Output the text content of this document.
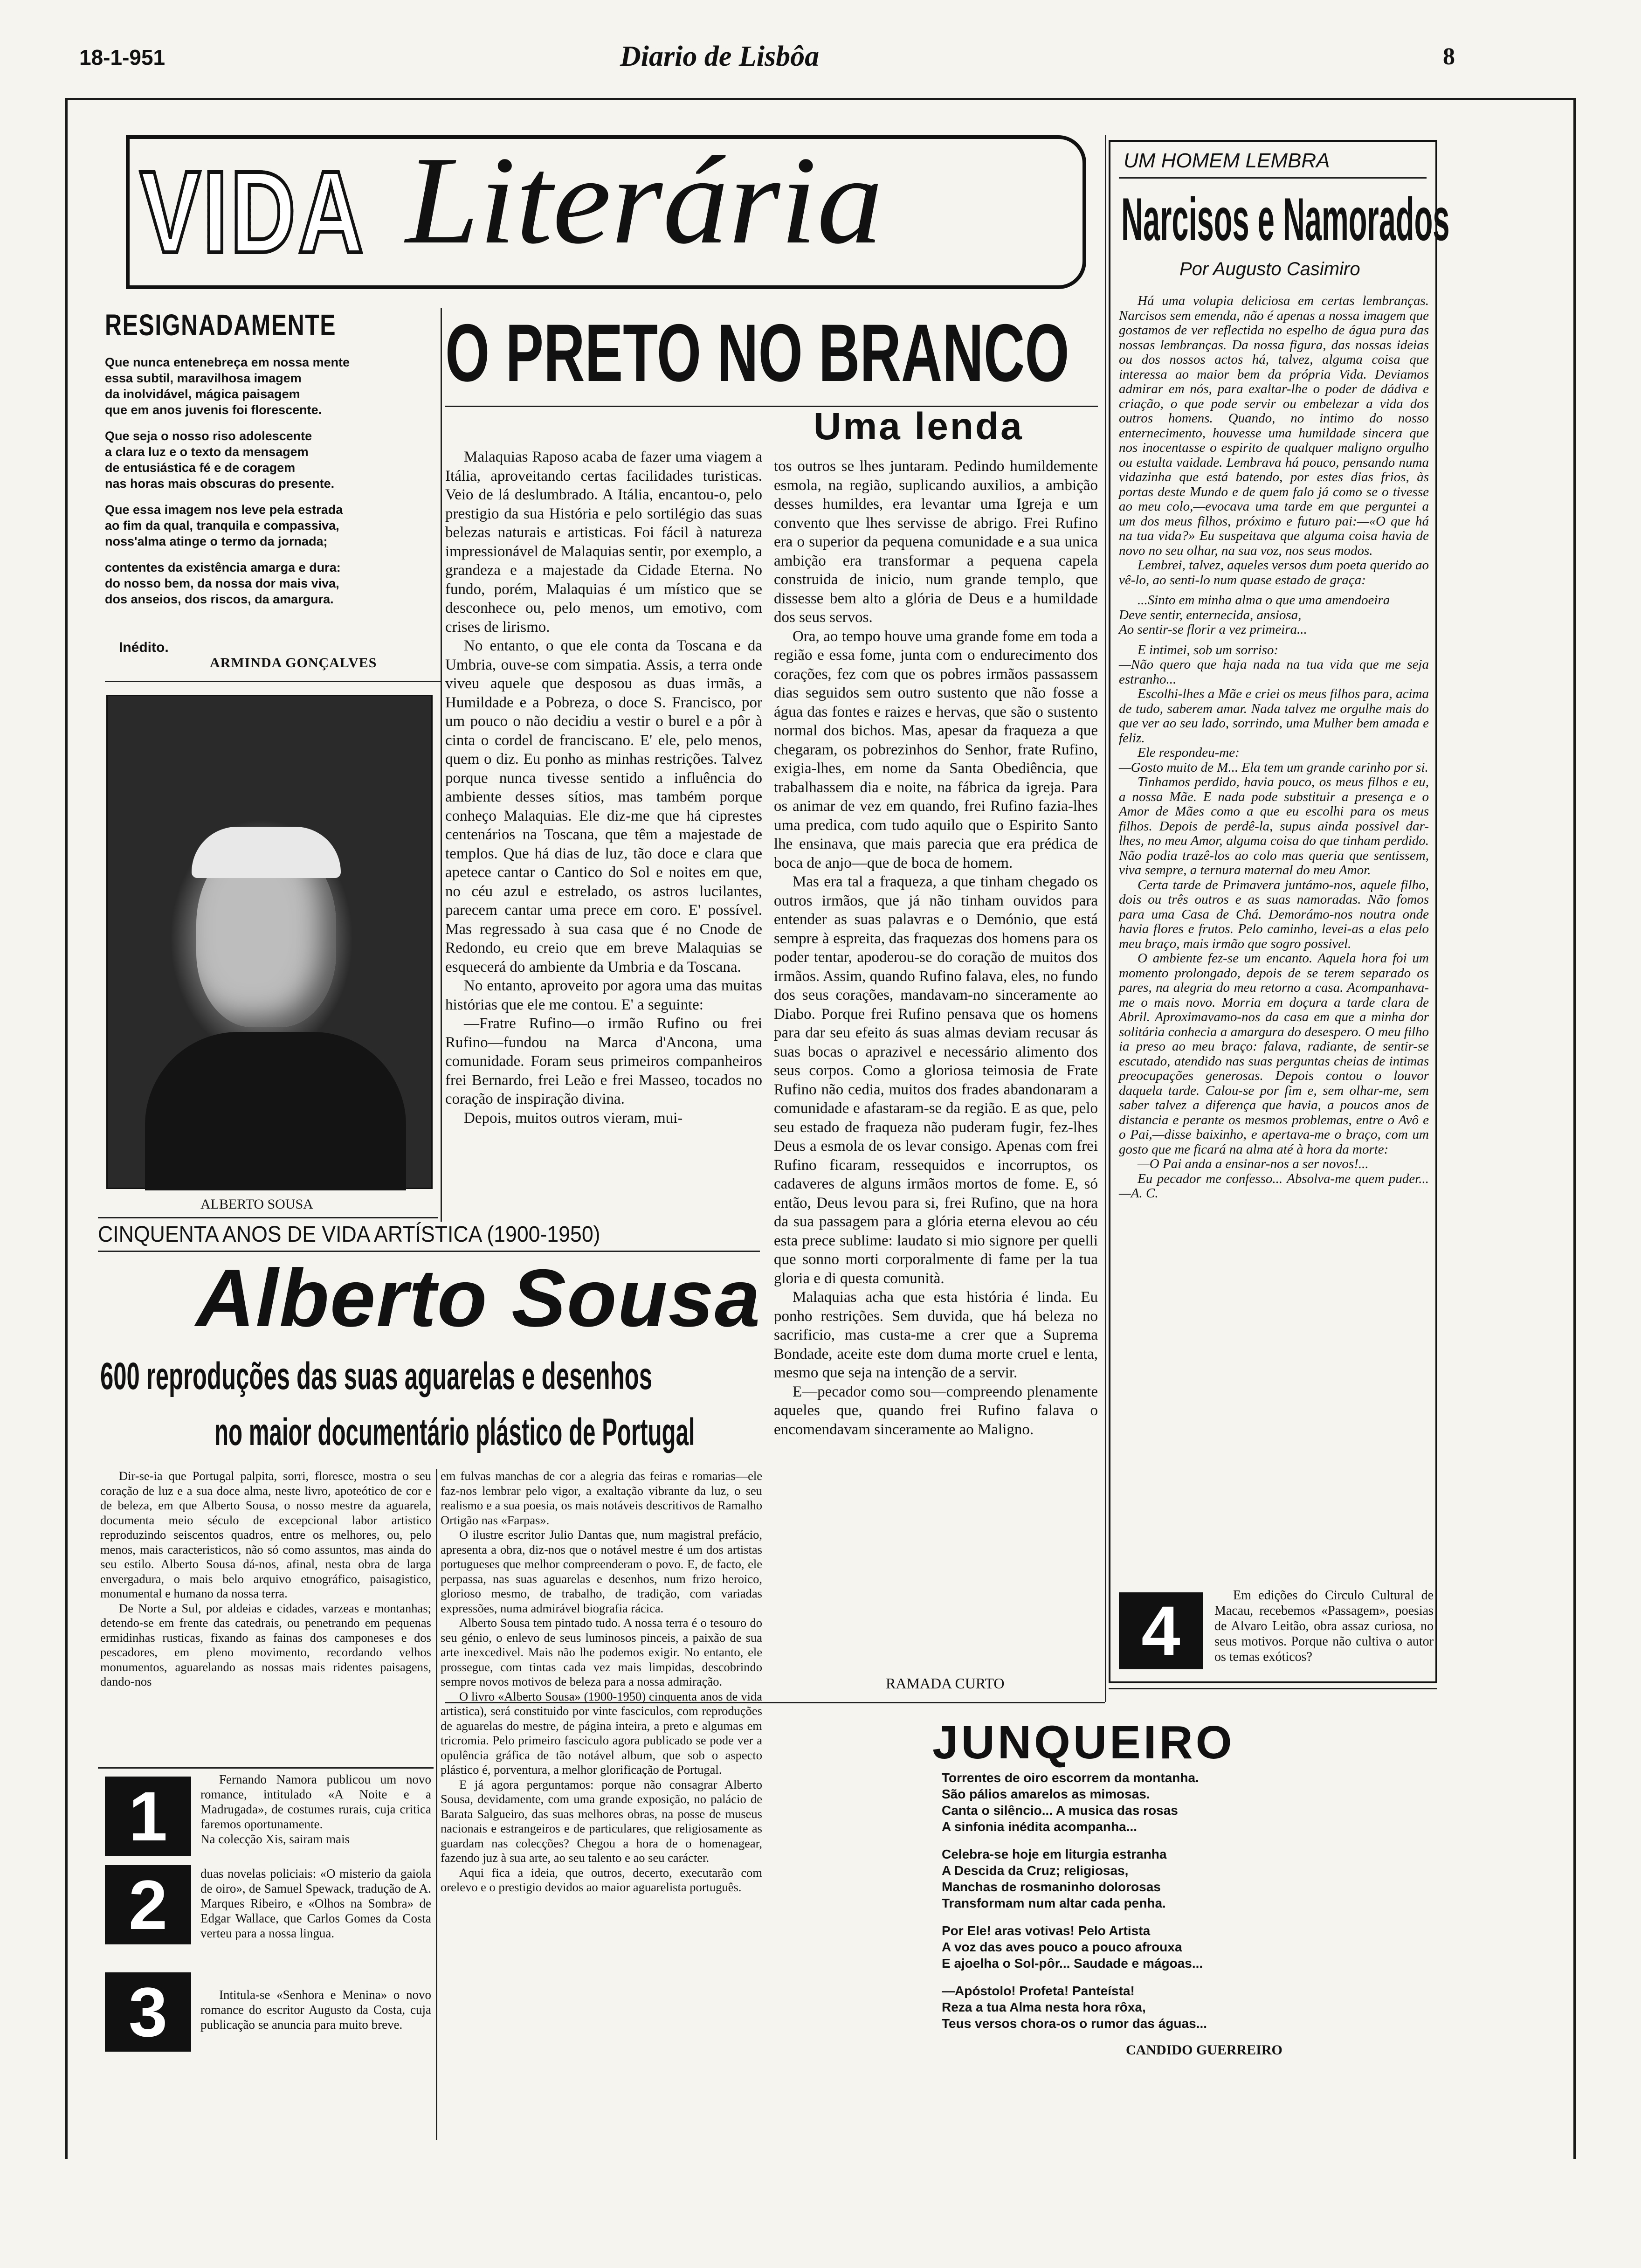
18-1-951	Diario de Lisbôa	8
VIDA Literária
RESIGNADAMENTE
Que nunca entenebreça em nossa mente
essa subtil, maravilhosa imagem
da inolvidável, mágica paisagem
que em anos juvenis foi florescente.
Que seja o nosso riso adolescente
a clara luz e o texto da mensagem
de entusiástica fé e de coragem
nas horas mais obscuras do presente.
Que essa imagem nos leve pela estrada
ao fim da qual, tranquila e compassiva,
noss'alma atinge o termo da jornada;
contentes da existência amarga e dura:
do nosso bem, da nossa dor mais viva,
dos anseios, dos riscos, da amargura.
Inédito.
ARMINDA GONÇALVES
ALBERTO SOUSA
O PRETO NO BRANCO
Uma lenda

Malaquias Raposo acaba de fazer uma viagem a Itália, aproveitando certas facilidades turisticas. Veio de lá deslumbrado. A Itália, encantou-o, pelo prestigio da sua História e pelo sortilégio das suas belezas naturais e artisticas. Foi fácil à natureza impressionável de Malaquias sentir, por exemplo, a grandeza e a majestade da Cidade Eterna. No fundo, porém, Malaquias é um místico que se desconhece ou, pelo menos, um emotivo, com crises de lirismo.

No entanto, o que ele conta da Toscana e da Umbria, ouve-se com simpatia. Assis, a terra onde viveu aquele que desposou as duas irmãs, a Humildade e a Pobreza, o doce S. Francisco, por um pouco o não decidiu a vestir o burel e a pôr à cinta o cordel de franciscano. E' ele, pelo menos, quem o diz. Eu ponho as minhas restrições. Talvez porque nunca tivesse sentido a influência do ambiente desses sítios, mas também porque conheço Malaquias. Ele diz-me que há ciprestes centenários na Toscana, que têm a majestade de templos. Que há dias de luz, tão doce e clara que apetece cantar o Cantico do Sol e noites em que, no céu azul e estrelado, os astros lucilantes, parecem cantar uma prece em coro. E' possível. Mas regressado à sua casa que é no Cnode de Redondo, eu creio que em breve Malaquias se esquecerá do ambiente da Umbria e da Toscana.

No entanto, aproveito por agora uma das muitas histórias que ele me contou. E' a seguinte:

—Fratre Rufino—o irmão Rufino ou frei Rufino—fundou na Marca d'Ancona, uma comunidade. Foram seus primeiros companheiros frei Bernardo, frei Leão e frei Masseo, tocados no coração de inspiração divina.

Depois, muitos outros vieram, mui-

tos outros se lhes juntaram. Pedindo humildemente esmola, na região, suplicando auxilios, a ambição desses humildes, era levantar uma Igreja e um convento que lhes servisse de abrigo. Frei Rufino era o superior da pequena comunidade e a sua unica ambição era transformar a pequena capela construida de inicio, num grande templo, que dissesse bem alto a glória de Deus e a humildade dos seus servos.

Ora, ao tempo houve uma grande fome em toda a região e essa fome, junta com o endurecimento dos corações, fez com que os pobres irmãos passassem dias seguidos sem outro sustento que não fosse a água das fontes e raizes e hervas, que são o sustento normal dos bichos. Mas, apesar da fraqueza a que chegaram, os pobrezinhos do Senhor, frate Rufino, exigia-lhes, em nome da Santa Obediência, que trabalhassem dia e noite, na fábrica da igreja. Para os animar de vez em quando, frei Rufino fazia-lhes uma predica, com tudo aquilo que o Espirito Santo lhe ensinava, que mais parecia que era prédica de boca de anjo—que de boca de homem.

Mas era tal a fraqueza, a que tinham chegado os outros irmãos, que já não tinham ouvidos para entender as suas palavras e o Demónio, que está sempre à espreita, das fraquezas dos homens para os poder tentar, apoderou-se do coração de muitos dos irmãos. Assim, quando Rufino falava, eles, no fundo dos seus corações, mandavam-no sinceramente ao Diabo. Porque frei Rufino pensava que os homens para dar seu efeito ás suas almas deviam recusar ás suas bocas o aprazivel e necessário alimento dos seus corpos. Como a gloriosa teimosia de Frate Rufino não cedia, muitos dos frades abandonaram a comunidade e afastaram-se da região. E as que, pelo seu estado de fraqueza não puderam fugir, fez-lhes Deus a esmola de os levar consigo. Apenas com frei Rufino ficaram, ressequidos e incorruptos, os cadaveres de alguns irmãos mortos de fome. E, só então, Deus levou para si, frei Rufino, que na hora da sua passagem para a glória eterna elevou ao céu esta prece sublime: laudato si mio signore per quelli que sonno morti corporalmente di fame per la tua gloria e di questa comunità.

Malaquias acha que esta história é linda. Eu ponho restrições. Sem duvida, que há beleza no sacrificio, mas custa-me a crer que a Suprema Bondade, aceite este dom duma morte cruel e lenta, mesmo que seja na intenção de a servir.

E—pecador como sou—compreendo plenamente aqueles que, quando frei Rufino falava o encomendavam sinceramente ao Maligno.

RAMADA CURTO
UM HOMEM LEMBRA
Narcisos e Namorados
Por Augusto Casimiro

Há uma volupia deliciosa em certas lembranças. Narcisos sem emenda, não é apenas a nossa imagem que gostamos de ver reflectida no espelho de água pura das nossas lembranças. Da nossa figura, das nossas ideias ou dos nossos actos há, talvez, alguma coisa que interessa ao maior bem da própria Vida. Deviamos admirar em nós, para exaltar-lhe o poder de dádiva e criação, o que pode servir ou embelezar a vida dos outros homens. Quando, no intimo do nosso enternecimento, houvesse uma humildade sincera que nos inocentasse o espirito de qualquer maligno orgulho ou estulta vaidade. Lembrava há pouco, pensando numa vidazinha que está batendo, por estes dias frios, às portas deste Mundo e de quem falo já como se o tivesse ao meu colo,—evocava uma tarde em que perguntei a um dos meus filhos, próximo e futuro pai:—«O que há na tua vida?» Eu suspeitava que alguma coisa havia de novo no seu olhar, na sua voz, nos seus modos.

Lembrei, talvez, aqueles versos dum poeta querido ao vê-lo, ao senti-lo num quase estado de graça:

...Sinto em minha alma o que uma amendoeira
Deve sentir, enternecida, ansiosa,
Ao sentir-se florir a vez primeira...

E intimei, sob um sorriso:
—Não quero que haja nada na tua vida que me seja estranho...

Escolhi-lhes a Mãe e criei os meus filhos para, acima de tudo, saberem amar. Nada talvez me orgulhe mais do que ver ao seu lado, sorrindo, uma Mulher bem amada e feliz.

Ele respondeu-me:
—Gosto muito de M... Ela tem um grande carinho por si.

Tinhamos perdido, havia pouco, os meus filhos e eu, a nossa Mãe. E nada pode substituir a presença e o Amor de Mães como a que eu escolhi para os meus filhos. Depois de perdê-la, supus ainda possivel dar-lhes, no meu Amor, alguma coisa do que tinham perdido. Não podia trazê-los ao colo mas queria que sentissem, viva sempre, a ternura maternal do meu Amor.

Certa tarde de Primavera juntámo-nos, aquele filho, dois ou três outros e as suas namoradas. Não fomos para uma Casa de Chá. Demorámo-nos noutra onde havia flores e frutos. Pelo caminho, levei-as a elas pelo meu braço, mais irmão que sogro possivel.

O ambiente fez-se um encanto. Aquela hora foi um momento prolongado, depois de se terem separado os pares, na alegria do meu retorno a casa. Acompanhava-me o mais novo. Morria em doçura a tarde clara de Abril. Aproximavamo-nos da casa em que a minha dor solitária conhecia a amargura do desespero. O meu filho ia preso ao meu braço: falava, radiante, de sentir-se escutado, atendido nas suas perguntas cheias de intimas preocupações generosas. Depois contou o louvor daquela tarde. Calou-se por fim e, sem olhar-me, sem saber talvez a diferença que havia, a poucos anos de distancia e perante os mesmos problemas, entre o Avô e o Pai,—disse baixinho, e apertava-me o braço, com um gosto que me ficará na alma até à hora da morte:

—O Pai anda a ensinar-nos a ser novos!...

Eu pecador me confesso... Absolva-me quem puder...—A. C.

4	Em edições do Circulo Cultural de Macau, recebemos «Passagem», poesias de Alvaro Leitão, obra assaz curiosa, no seus motivos. Porque não cultiva o autor os temas exóticos?
JUNQUEIRO
Torrentes de oiro escorrem da montanha.
São pálios amarelos as mimosas.
Canta o silêncio... A musica das rosas
A sinfonia inédita acompanha...
Celebra-se hoje em liturgia estranha
A Descida da Cruz; religiosas,
Manchas de rosmaninho dolorosas
Transformam num altar cada penha.
Por Ele! aras votivas! Pelo Artista
A voz das aves pouco a pouco afrouxa
E ajoelha o Sol-pôr... Saudade e mágoas...
—Apóstolo! Profeta! Panteísta!
Reza a tua Alma nesta hora rôxa,
Teus versos chora-os o rumor das águas...
CANDIDO GUERREIRO
CINQUENTA ANOS DE VIDA ARTÍSTICA (1900-1950)
Alberto Sousa
600 reproduções das suas aguarelas e desenhos
no maior documentário plástico de Portugal

Dir-se-ia que Portugal palpita, sorri, floresce, mostra o seu coração de luz e a sua doce alma, neste livro, apoteótico de cor e de beleza, em que Alberto Sousa, o nosso mestre da aguarela, documenta meio século de excepcional labor artistico reproduzindo seiscentos quadros, entre os melhores, ou, pelo menos, mais caracteristicos, não só como assuntos, mas ainda do seu estilo. Alberto Sousa dá-nos, afinal, nesta obra de larga envergadura, o mais belo arquivo etnográfico, paisagistico, monumental e humano da nossa terra.

De Norte a Sul, por aldeias e cidades, varzeas e montanhas; detendo-se em frente das catedrais, ou penetrando em pequenas ermidinhas rusticas, fixando as fainas dos camponeses e dos pescadores, em pleno movimento, recordando velhos monumentos, aguarelando as nossas mais ridentes paisagens, dando-nos

em fulvas manchas de cor a alegria das feiras e romarias—ele faz-nos lembrar pelo vigor, a exaltação vibrante da luz, o seu realismo e a sua poesia, os mais notáveis descritivos de Ramalho Ortigão nas «Farpas».

O ilustre escritor Julio Dantas que, num magistral prefácio, apresenta a obra, diz-nos que o notável mestre é um dos artistas portugueses que melhor compreenderam o povo. E, de facto, ele perpassa, nas suas aguarelas e desenhos, num frizo heroico, glorioso mesmo, de trabalho, de tradição, com variadas expressões, numa admirável biografia rácica.

Alberto Sousa tem pintado tudo. A nossa terra é o tesouro do seu génio, o enlevo de seus luminosos pinceis, a paixão de sua arte inexcedivel. Mais não lhe podemos exigir. No entanto, ele prossegue, com tintas cada vez mais limpidas, descobrindo sempre novos motivos de beleza para a nossa admiração.

O livro «Alberto Sousa» (1900-1950) cinquenta anos de vida artistica), será constituido por vinte fasciculos, com reproduções de aguarelas do mestre, de página inteira, a preto e algumas em tricromia. Pelo primeiro fasciculo agora publicado se pode ver a opulência gráfica de tão notável album, que sob o aspecto plástico é, porventura, a melhor glorificação de Portugal.

E já agora perguntamos: porque não consagrar Alberto Sousa, devidamente, com uma grande exposição, no palácio de Barata Salgueiro, das suas melhores obras, na posse de museus nacionais e estrangeiros e de particulares, que religiosamente as guardam nas colecções? Chegou a hora de o homenagear, fazendo juz à sua arte, ao seu talento e ao seu carácter.

Aqui fica a ideia, que outros, decerto, executarão com orelevo e o prestigio devidos ao maior aguarelista português.

1
2
3
Fernando Namora publicou um novo romance, intitulado «A Noite e a Madrugada», de costumes rurais, cuja critica faremos oportunamente.
Na colecção Xis, sairam mais
duas novelas policiais: «O misterio da gaiola de oiro», de Samuel Spewack, tradução de A. Marques Ribeiro, e «Olhos na Sombra» de Edgar Wallace, que Carlos Gomes da Costa verteu para a nossa lingua.
Intitula-se «Senhora e Menina» o novo romance do escritor Augusto da Costa, cuja publicação se anuncia para muito breve.
